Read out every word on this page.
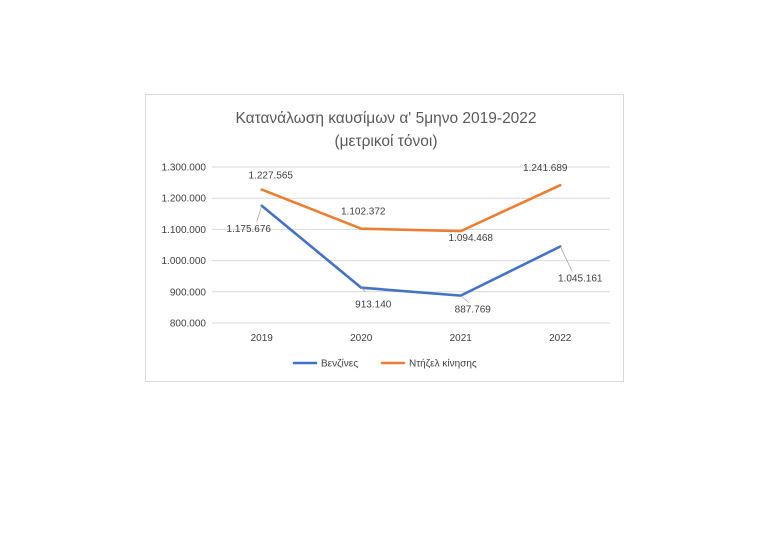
Κατανάλωση καυσίμων α' 5μηνο 2019-2022
(μετρικοί τόνοι)
800.000
900.000
1.000.000
1.100.000
1.200.000
1.300.000
2019	2020	2021	2022
1.175.676
913.140	887.769
1.045.161
1.227.565
1.102.372
1.094.468
1.241.689
Βενζίνες	Ντήζελ κίνησης
